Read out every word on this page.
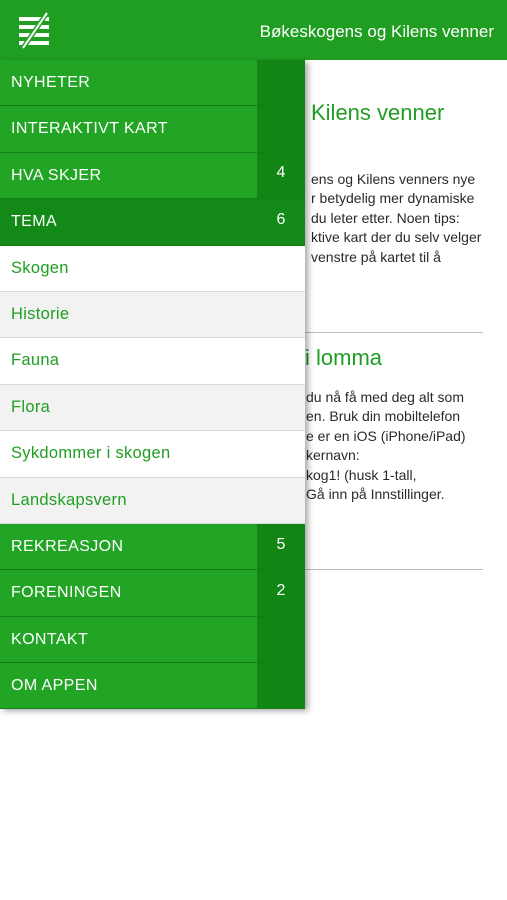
Bøkeskogens og Kilens venner
Kilens venner
ens og Kilens venners nye
r betydelig mer dynamiske
du leter etter. Noen tips:
ktive kart der du selv velger
venstre på kartet til å
i lomma
du nå få med deg alt som
en. Bruk din mobiltelefon
e er en iOS (iPhone/iPad)
kernavn:
kog1! (husk 1-tall,
Gå inn på Innstillinger.
NYHETER
INTERAKTIVT KART
HVA SKJER	4
TEMA	6
Skogen
Historie
Fauna
Flora
Sykdommer i skogen
Landskapsvern
REKREASJON	5
FORENINGEN	2
KONTAKT
OM APPEN
